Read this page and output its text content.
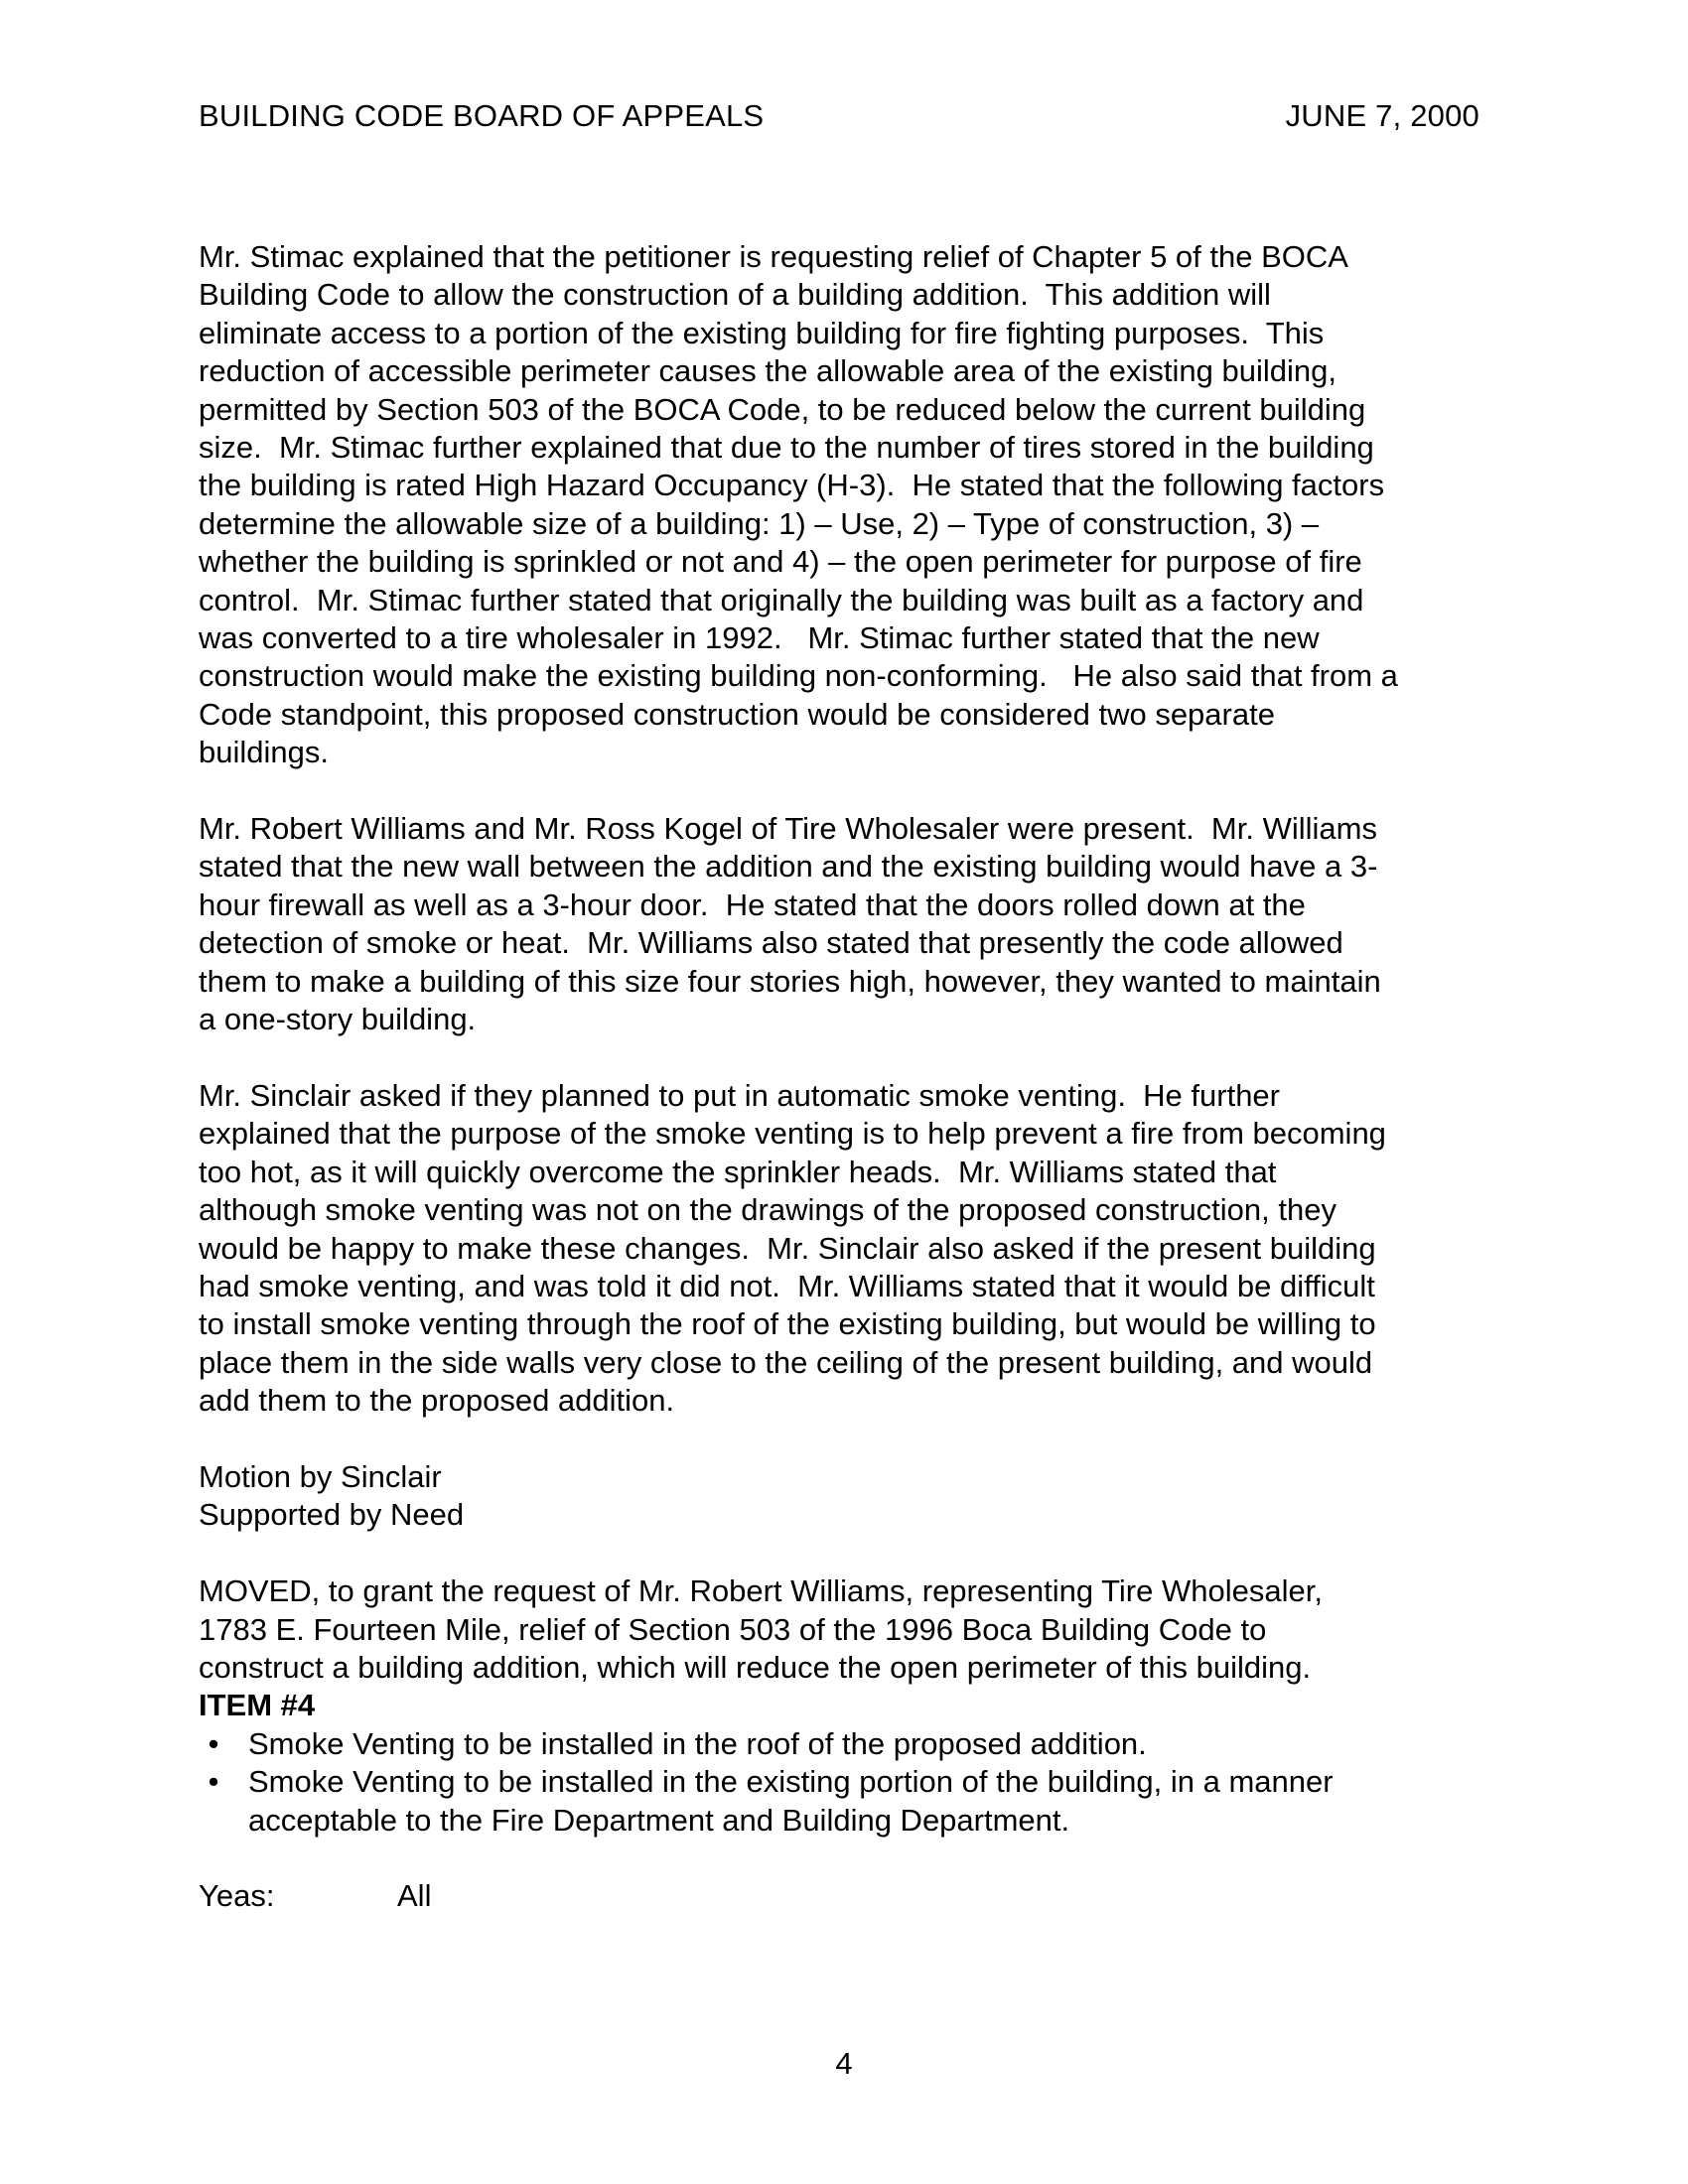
BUILDING CODE BOARD OF APPEALS	JUNE 7, 2000
Mr. Stimac explained that the petitioner is requesting relief of Chapter 5 of the BOCA
Building Code to allow the construction of a building addition.  This addition will
eliminate access to a portion of the existing building for fire fighting purposes.  This
reduction of accessible perimeter causes the allowable area of the existing building,
permitted by Section 503 of the BOCA Code, to be reduced below the current building
size.  Mr. Stimac further explained that due to the number of tires stored in the building
the building is rated High Hazard Occupancy (H-3).  He stated that the following factors
determine the allowable size of a building: 1) – Use, 2) – Type of construction, 3) –
whether the building is sprinkled or not and 4) – the open perimeter for purpose of fire
control.  Mr. Stimac further stated that originally the building was built as a factory and
was converted to a tire wholesaler in 1992.   Mr. Stimac further stated that the new
construction would make the existing building non-conforming.   He also said that from a
Code standpoint, this proposed construction would be considered two separate
buildings.
Mr. Robert Williams and Mr. Ross Kogel of Tire Wholesaler were present.  Mr. Williams
stated that the new wall between the addition and the existing building would have a 3-
hour firewall as well as a 3-hour door.  He stated that the doors rolled down at the
detection of smoke or heat.  Mr. Williams also stated that presently the code allowed
them to make a building of this size four stories high, however, they wanted to maintain
a one-story building.
Mr. Sinclair asked if they planned to put in automatic smoke venting.  He further
explained that the purpose of the smoke venting is to help prevent a fire from becoming
too hot, as it will quickly overcome the sprinkler heads.  Mr. Williams stated that
although smoke venting was not on the drawings of the proposed construction, they
would be happy to make these changes.  Mr. Sinclair also asked if the present building
had smoke venting, and was told it did not.  Mr. Williams stated that it would be difficult
to install smoke venting through the roof of the existing building, but would be willing to
place them in the side walls very close to the ceiling of the present building, and would
add them to the proposed addition.
Motion by Sinclair
Supported by Need
MOVED, to grant the request of Mr. Robert Williams, representing Tire Wholesaler,
1783 E. Fourteen Mile, relief of Section 503 of the 1996 Boca Building Code to
construct a building addition, which will reduce the open perimeter of this building.
ITEM #4
• Smoke Venting to be installed in the roof of the proposed addition.
• Smoke Venting to be installed in the existing portion of the building, in a manner
acceptable to the Fire Department and Building Department.
Yeas:	All
4
